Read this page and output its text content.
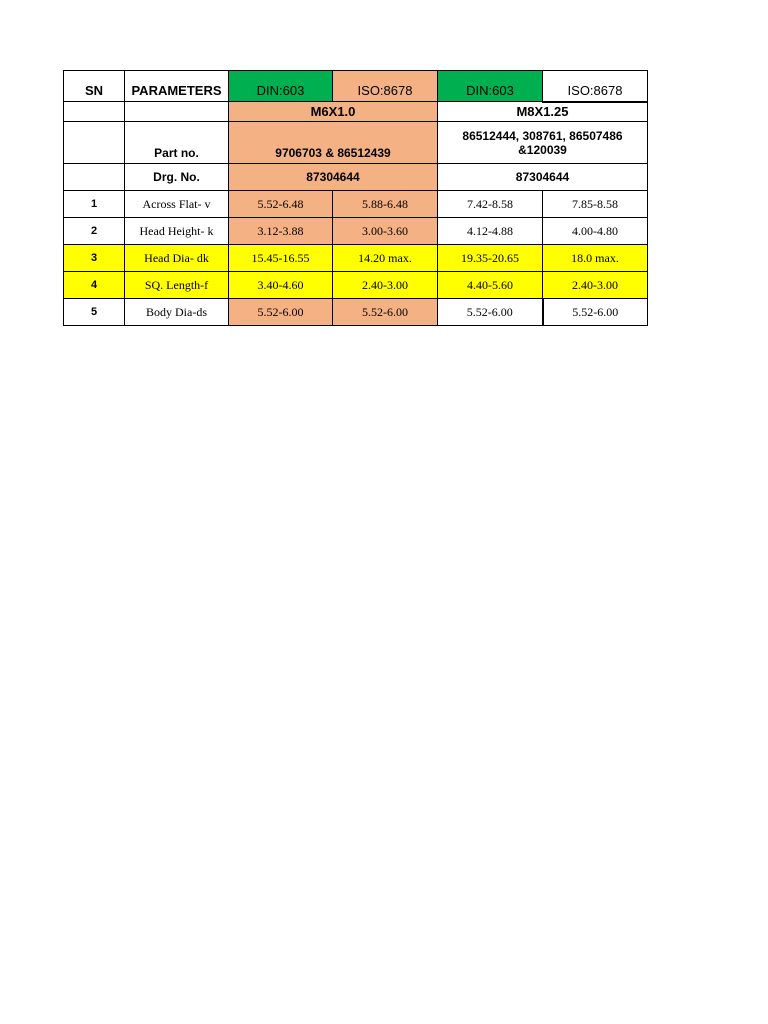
SN	PARAMETERS	DIN:603	ISO:8678	DIN:603	ISO:8678
		M6X1.0		M8X1.25	
	Part no.	9706703 & 86512439		86512444, 308761, 86507486 &120039	
	Drg. No.	87304644		87304644	
1	Across Flat- v	5.52-6.48	5.88-6.48	7.42-8.58	7.85-8.58
2	Head Height- k	3.12-3.88	3.00-3.60	4.12-4.88	4.00-4.80
3	Head Dia- dk	15.45-16.55	14.20 max.	19.35-20.65	18.0 max.
4	SQ. Length-f	3.40-4.60	2.40-3.00	4.40-5.60	2.40-3.00
5	Body Dia-ds	5.52-6.00	5.52-6.00	5.52-6.00	5.52-6.00
